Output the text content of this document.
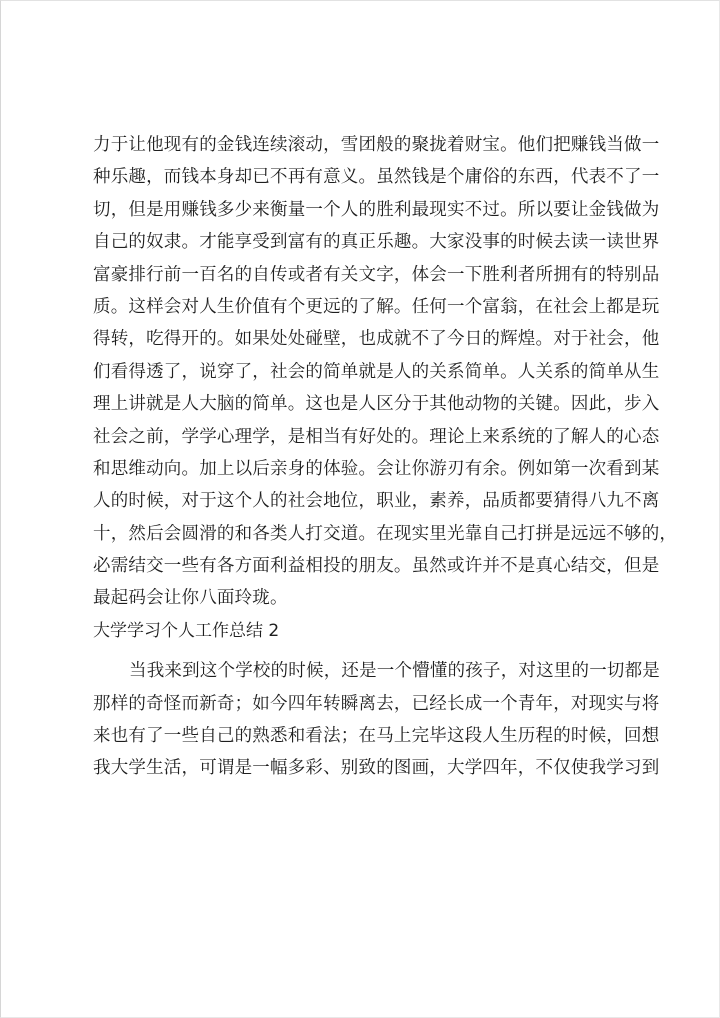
力于让他现有的金钱连续滚动，雪团般的聚拢着财宝。他们把赚钱当做一
种乐趣，而钱本身却已不再有意义。虽然钱是个庸俗的东西，代表不了一
切，但是用赚钱多少来衡量一个人的胜利最现实不过。所以要让金钱做为
自己的奴隶。才能享受到富有的真正乐趣。大家没事的时候去读一读世界
富豪排行前一百名的自传或者有关文字，体会一下胜利者所拥有的特别品
质。这样会对人生价值有个更远的了解。任何一个富翁，在社会上都是玩
得转，吃得开的。如果处处碰壁，也成就不了今日的辉煌。对于社会，他
们看得透了，说穿了，社会的简单就是人的关系简单。人关系的简单从生
理上讲就是人大脑的简单。这也是人区分于其他动物的关键。因此，步入
社会之前，学学心理学，是相当有好处的。理论上来系统的了解人的心态
和思维动向。加上以后亲身的体验。会让你游刃有余。例如第一次看到某
人的时候，对于这个人的社会地位，职业，素养，品质都要猜得八九不离
十，然后会圆滑的和各类人打交道。在现实里光靠自己打拼是远远不够的，
必需结交一些有各方面利益相投的朋友。虽然或许并不是真心结交，但是
最起码会让你八面玲珑。
大学学习个人工作总结 2
当我来到这个学校的时候，还是一个懵懂的孩子，对这里的一切都是
那样的奇怪而新奇；如今四年转瞬离去，已经长成一个青年，对现实与将
来也有了一些自己的熟悉和看法；在马上完毕这段人生历程的时候，回想
我大学生活，可谓是一幅多彩、别致的图画，大学四年，不仅使我学习到
